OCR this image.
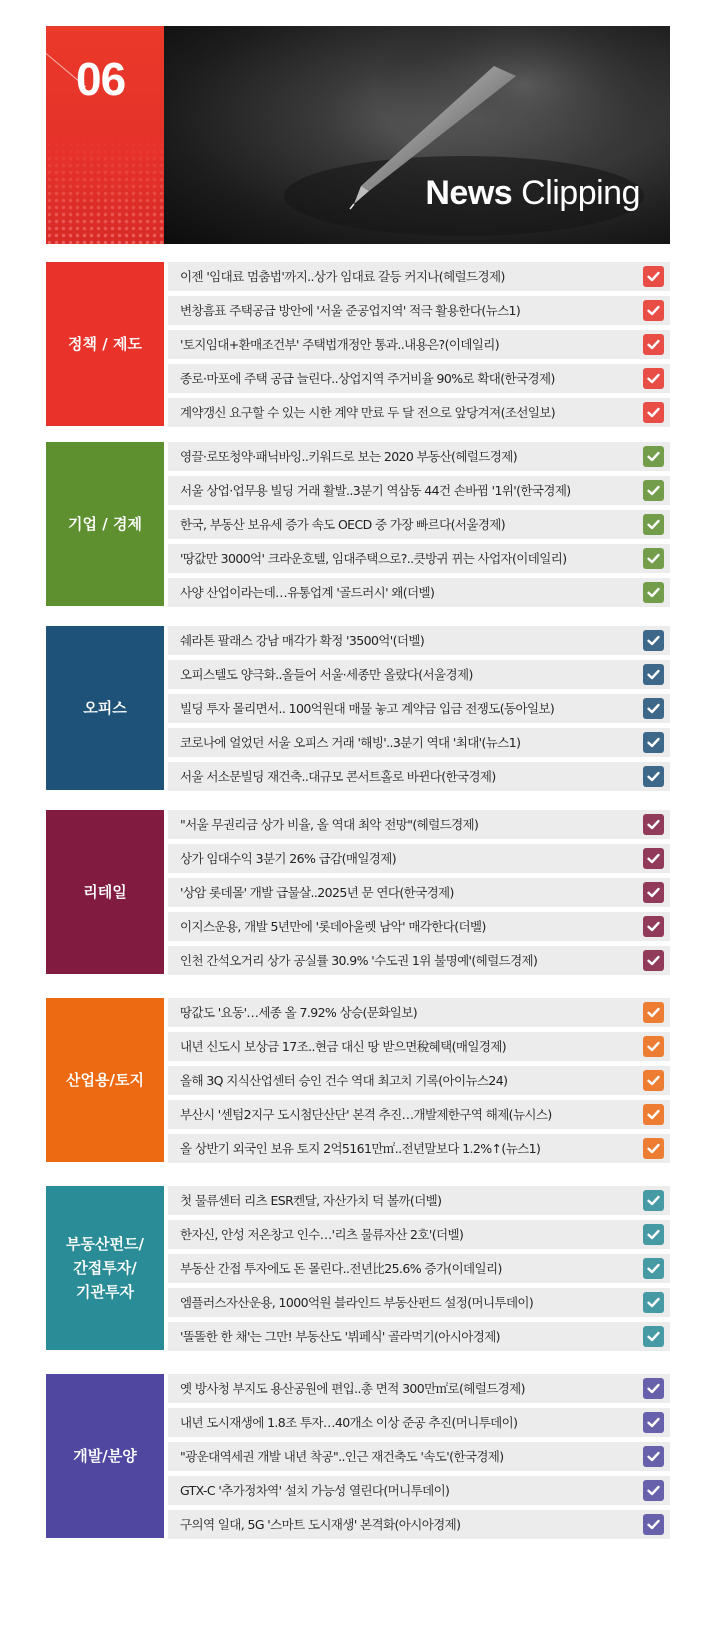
06
News Clipping
정책 / 제도
이젠 '임대료 멈춤법'까지..상가 임대료 갈등 커지나(헤럴드경제)
변창흠표 주택공급 방안에 '서울 준공업지역' 적극 활용한다(뉴스1)
'토지임대+환매조건부' 주택법개정안 통과..내용은?(이데일리)
종로·마포에 주택 공급 늘린다..상업지역 주거비율 90%로 확대(한국경제)
계약갱신 요구할 수 있는 시한 계약 만료 두 달 전으로 앞당겨져(조선일보)
기업 / 경제
영끌·로또청약·패닉바잉..키워드로 보는 2020 부동산(헤럴드경제)
서울 상업·업무용 빌딩 거래 활발..3분기 역삼동 44건 손바뀜 '1위'(한국경제)
한국, 부동산 보유세 증가 속도 OECD 중 가장 빠르다(서울경제)
'땅값만 3000억' 크라운호텔, 임대주택으로?..큿방귀 뀌는 사업자(이데일리)
사양 산업이라는데…유통업계 '골드러시' 왜(더벨)
오피스
쉐라톤 팔래스 강남 매각가 확정 '3500억'(더벨)
오피스텔도 양극화..올들어 서울·세종만 올랐다(서울경제)
빌딩 투자 몰리면서.. 100억원대 매물 놓고 계약금 입금 전쟁도(동아일보)
코로나에 얼었던 서울 오피스 거래 '해빙'..3분기 역대 '최대'(뉴스1)
서울 서소문빌딩 재건축..대규모 콘서트홀로 바뀐다(한국경제)
리테일
"서울 무권리금 상가 비율, 올 역대 최악 전망"(헤럴드경제)
상가 임대수익 3분기 26% 급감(매일경제)
'상암 롯데몰' 개발 급물살..2025년 문 연다(한국경제)
이지스운용, 개발 5년만에 '롯데아울렛 남악' 매각한다(더벨)
인천 간석오거리 상가 공실률 30.9% '수도권 1위 불명예'(헤럴드경제)
산업용/토지
땅값도 '요동'…세종 올 7.92% 상승(문화일보)
내년 신도시 보상금 17조..현금 대신 땅 받으면稅혜택(매일경제)
올해 3Q 지식산업센터 승인 건수 역대 최고치 기록(아이뉴스24)
부산시 '센텀2지구 도시첨단산단' 본격 추진…개발제한구역 해제(뉴시스)
올 상반기 외국인 보유 토지 2억5161만㎡..전년말보다 1.2%↑(뉴스1)
부동산펀드/
간접투자/
기관투자
첫 물류센터 리츠 ESR켄달, 자산가치 덕 볼까(더벨)
한자신, 안성 저온창고 인수…'리츠 물류자산 2호'(더벨)
부동산 간접 투자에도 돈 몰린다..전년比25.6% 증가(이데일리)
엠플러스자산운용, 1000억원 블라인드 부동산펀드 설정(머니투데이)
'똘똘한 한 채'는 그만! 부동산도 '뷔페식' 골라먹기(아시아경제)
개발/분양
옛 방사청 부지도 용산공원에 편입..총 면적 300만㎡로(헤럴드경제)
내년 도시재생에 1.8조 투자…40개소 이상 준공 추진(머니투데이)
"광운대역세권 개발 내년 착공"..인근 재건축도 '속도'(한국경제)
GTX-C '추가정차역' 설치 가능성 열린다(머니투데이)
구의역 일대, 5G '스마트 도시재생' 본격화(아시아경제)
